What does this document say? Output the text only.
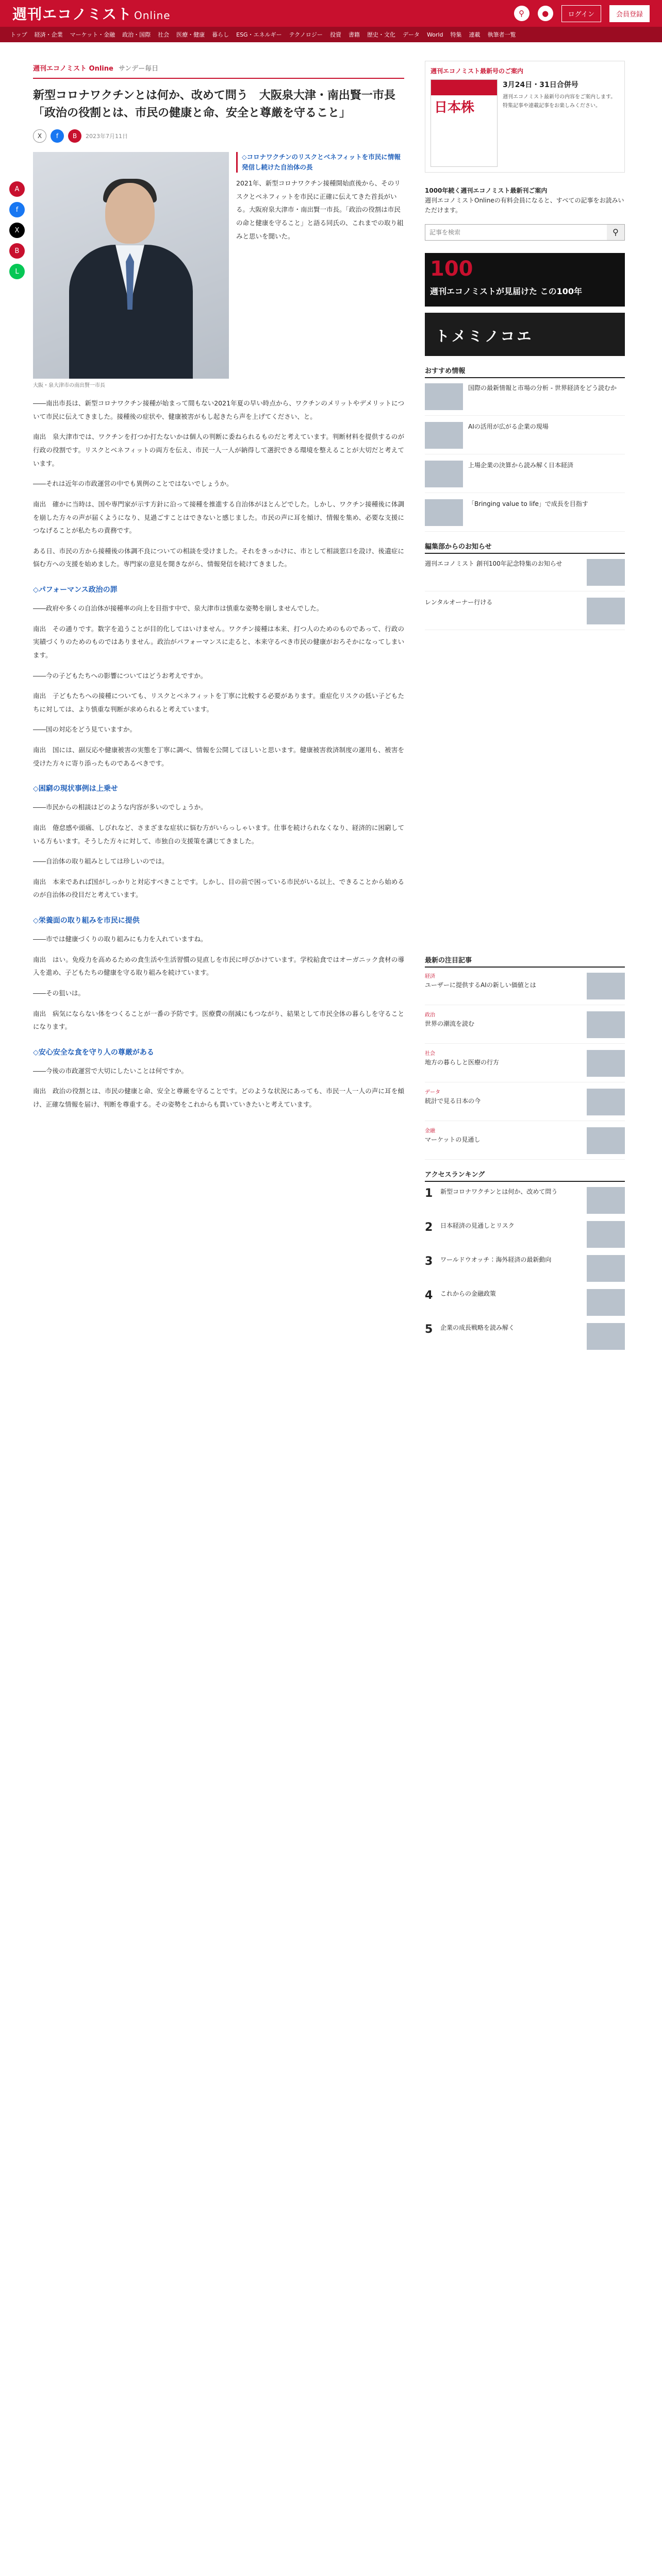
週刊エコノミスト Online	⚲	●	ログイン	会員登録
トップ 経済・企業 マーケット・金融 政治・国際 社会 医療・健康 暮らし ESG・エネルギー テクノロジー 投資 書籍 歴史・文化 データ World 特集 連載 執筆者一覧
A
f
X
B
L
週刊エコノミスト Online サンデー毎日
新型コロナワクチンとは何か、改めて問う　大阪泉大津・南出賢一市長「政治の役割とは、市民の健康と命、安全と尊厳を守ること」
X	f	B	2023年7月11日
大阪・泉大津市の南出賢一市長
◇コロナワクチンのリスクとベネフィットを市民に情報発信し続けた自治体の長

2021年、新型コロナワクチン接種開始直後から、そのリスクとベネフィットを市民に正確に伝えてきた首長がいる。大阪府泉大津市・南出賢一市長。「政治の役割は市民の命と健康を守ること」と語る同氏の、これまでの取り組みと思いを聞いた。

――南出市長は、新型コロナワクチン接種が始まって間もない2021年夏の早い時点から、ワクチンのメリットやデメリットについて市民に伝えてきました。接種後の症状や、健康被害がもし起きたら声を上げてください、と。

南出　泉大津市では、ワクチンを打つか打たないかは個人の判断に委ねられるものだと考えています。判断材料を提供するのが行政の役割です。リスクとベネフィットの両方を伝え、市民一人一人が納得して選択できる環境を整えることが大切だと考えています。

――それは近年の市政運営の中でも異例のことではないでしょうか。

南出　確かに当時は、国や専門家が示す方針に沿って接種を推進する自治体がほとんどでした。しかし、ワクチン接種後に体調を崩した方々の声が届くようになり、見過ごすことはできないと感じました。市民の声に耳を傾け、情報を集め、必要な支援につなげることが私たちの責務です。

ある日、市民の方から接種後の体調不良についての相談を受けました。それをきっかけに、市として相談窓口を設け、後遺症に悩む方への支援を始めました。専門家の意見を聞きながら、情報発信を続けてきました。

◇パフォーマンス政治の罪

――政府や多くの自治体が接種率の向上を目指す中で、泉大津市は慎重な姿勢を崩しませんでした。

南出　その通りです。数字を追うことが目的化してはいけません。ワクチン接種は本来、打つ人のためのものであって、行政の実績づくりのためのものではありません。政治がパフォーマンスに走ると、本来守るべき市民の健康がおろそかになってしまいます。

――今の子どもたちへの影響についてはどうお考えですか。

南出　子どもたちへの接種についても、リスクとベネフィットを丁寧に比較する必要があります。重症化リスクの低い子どもたちに対しては、より慎重な判断が求められると考えています。

――国の対応をどう見ていますか。

南出　国には、副反応や健康被害の実態を丁寧に調べ、情報を公開してほしいと思います。健康被害救済制度の運用も、被害を受けた方々に寄り添ったものであるべきです。

◇困窮の現状事例は上乗せ

――市民からの相談はどのような内容が多いのでしょうか。

南出　倦怠感や頭痛、しびれなど、さまざまな症状に悩む方がいらっしゃいます。仕事を続けられなくなり、経済的に困窮している方もいます。そうした方々に対して、市独自の支援策を講じてきました。

――自治体の取り組みとしては珍しいのでは。

南出　本来であれば国がしっかりと対応すべきことです。しかし、目の前で困っている市民がいる以上、できることから始めるのが自治体の役目だと考えています。

◇栄養面の取り組みを市民に提供

――市では健康づくりの取り組みにも力を入れていますね。

南出　はい。免疫力を高めるための食生活や生活習慣の見直しを市民に呼びかけています。学校給食ではオーガニック食材の導入を進め、子どもたちの健康を守る取り組みを続けています。

――その狙いは。

南出　病気にならない体をつくることが一番の予防です。医療費の削減にもつながり、結果として市民全体の暮らしを守ることになります。

◇安心安全な食を守り人の尊厳がある

――今後の市政運営で大切にしたいことは何ですか。

南出　政治の役割とは、市民の健康と命、安全と尊厳を守ることです。どのような状況にあっても、市民一人一人の声に耳を傾け、正確な情報を届け、判断を尊重する。その姿勢をこれからも貫いていきたいと考えています。

週刊エコノミスト最新号のご案内
日本株
3月24日・31日合併号
週刊エコノミスト最新号の内容をご案内します。特集記事や連載記事をお楽しみください。
1000年続く週刊エコノミスト最新刊ご案内
週刊エコノミストOnlineの有料会員になると、すべての記事をお読みいただけます。
記事を検索
⚲
100
週刊エコノミストが見届けた この100年
トメミノコエ
おすすめ情報
国際の最新情報と市場の分析 - 世界経済をどう読むか
AIの活用が広がる企業の現場
上場企業の決算から読み解く日本経済
「Bringing value to life」で成長を目指す
編集部からのお知らせ
週刊エコノミスト 創刊100年記念特集のお知らせ
レンタルオーナー行ける
最新の注目記事
経済
ユーザーに提供するAIの新しい価値とは
政治
世界の潮流を読む
社会
地方の暮らしと医療の行方
データ
統計で見る日本の今
金融
マーケットの見通し
アクセスランキング
1	新型コロナワクチンとは何か、改めて問う
2	日本経済の見通しとリスク
3	ワールドウオッチ：海外経済の最新動向
4	これからの金融政策
5	企業の成長戦略を読み解く
